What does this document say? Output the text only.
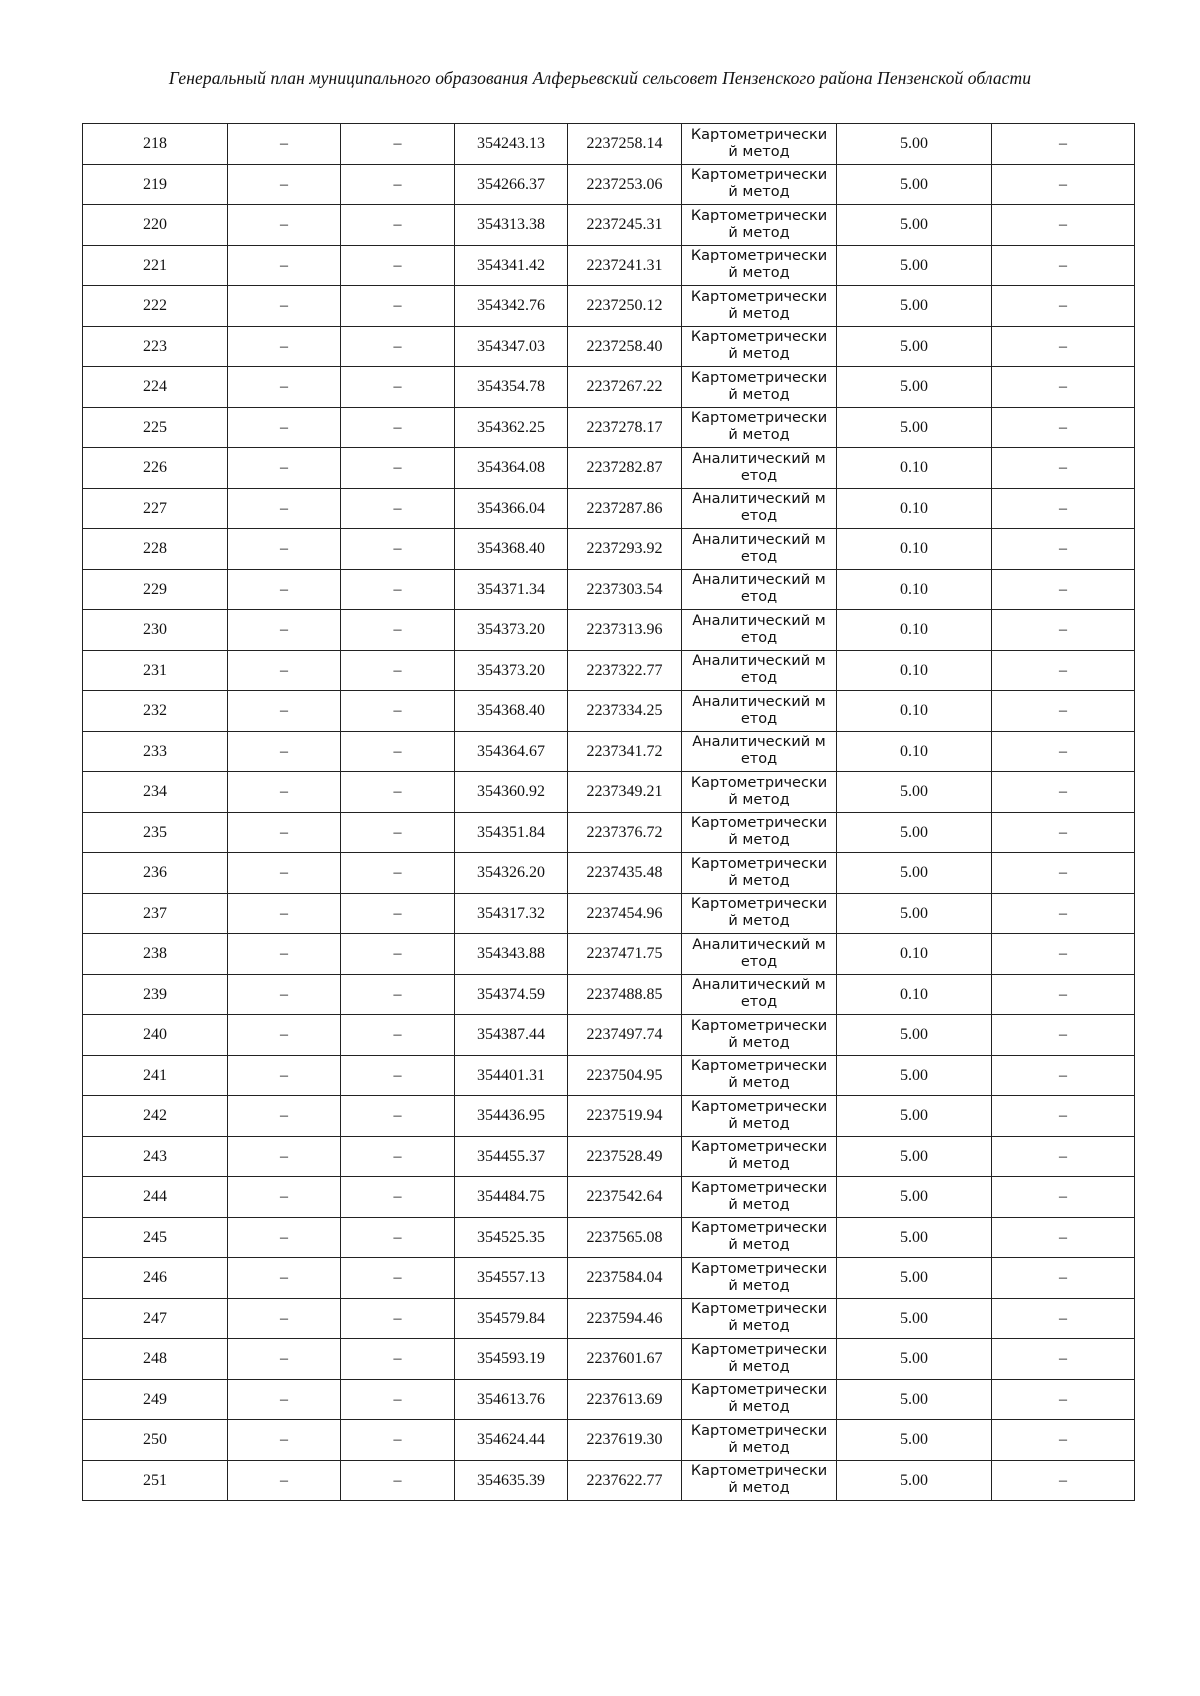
Генеральный план муниципального образования Алферьевский сельсовет Пензенского района Пензенской области
218	–	–	354243.13	2237258.14	Картометрический метод	5.00	–
219	–	–	354266.37	2237253.06	Картометрический метод	5.00	–
220	–	–	354313.38	2237245.31	Картометрический метод	5.00	–
221	–	–	354341.42	2237241.31	Картометрический метод	5.00	–
222	–	–	354342.76	2237250.12	Картометрический метод	5.00	–
223	–	–	354347.03	2237258.40	Картометрический метод	5.00	–
224	–	–	354354.78	2237267.22	Картометрический метод	5.00	–
225	–	–	354362.25	2237278.17	Картометрический метод	5.00	–
226	–	–	354364.08	2237282.87	Аналитический метод	0.10	–
227	–	–	354366.04	2237287.86	Аналитический метод	0.10	–
228	–	–	354368.40	2237293.92	Аналитический метод	0.10	–
229	–	–	354371.34	2237303.54	Аналитический метод	0.10	–
230	–	–	354373.20	2237313.96	Аналитический метод	0.10	–
231	–	–	354373.20	2237322.77	Аналитический метод	0.10	–
232	–	–	354368.40	2237334.25	Аналитический метод	0.10	–
233	–	–	354364.67	2237341.72	Аналитический метод	0.10	–
234	–	–	354360.92	2237349.21	Картометрический метод	5.00	–
235	–	–	354351.84	2237376.72	Картометрический метод	5.00	–
236	–	–	354326.20	2237435.48	Картометрический метод	5.00	–
237	–	–	354317.32	2237454.96	Картометрический метод	5.00	–
238	–	–	354343.88	2237471.75	Аналитический метод	0.10	–
239	–	–	354374.59	2237488.85	Аналитический метод	0.10	–
240	–	–	354387.44	2237497.74	Картометрический метод	5.00	–
241	–	–	354401.31	2237504.95	Картометрический метод	5.00	–
242	–	–	354436.95	2237519.94	Картометрический метод	5.00	–
243	–	–	354455.37	2237528.49	Картометрический метод	5.00	–
244	–	–	354484.75	2237542.64	Картометрический метод	5.00	–
245	–	–	354525.35	2237565.08	Картометрический метод	5.00	–
246	–	–	354557.13	2237584.04	Картометрический метод	5.00	–
247	–	–	354579.84	2237594.46	Картометрический метод	5.00	–
248	–	–	354593.19	2237601.67	Картометрический метод	5.00	–
249	–	–	354613.76	2237613.69	Картометрический метод	5.00	–
250	–	–	354624.44	2237619.30	Картометрический метод	5.00	–
251	–	–	354635.39	2237622.77	Картометрический метод	5.00	–
